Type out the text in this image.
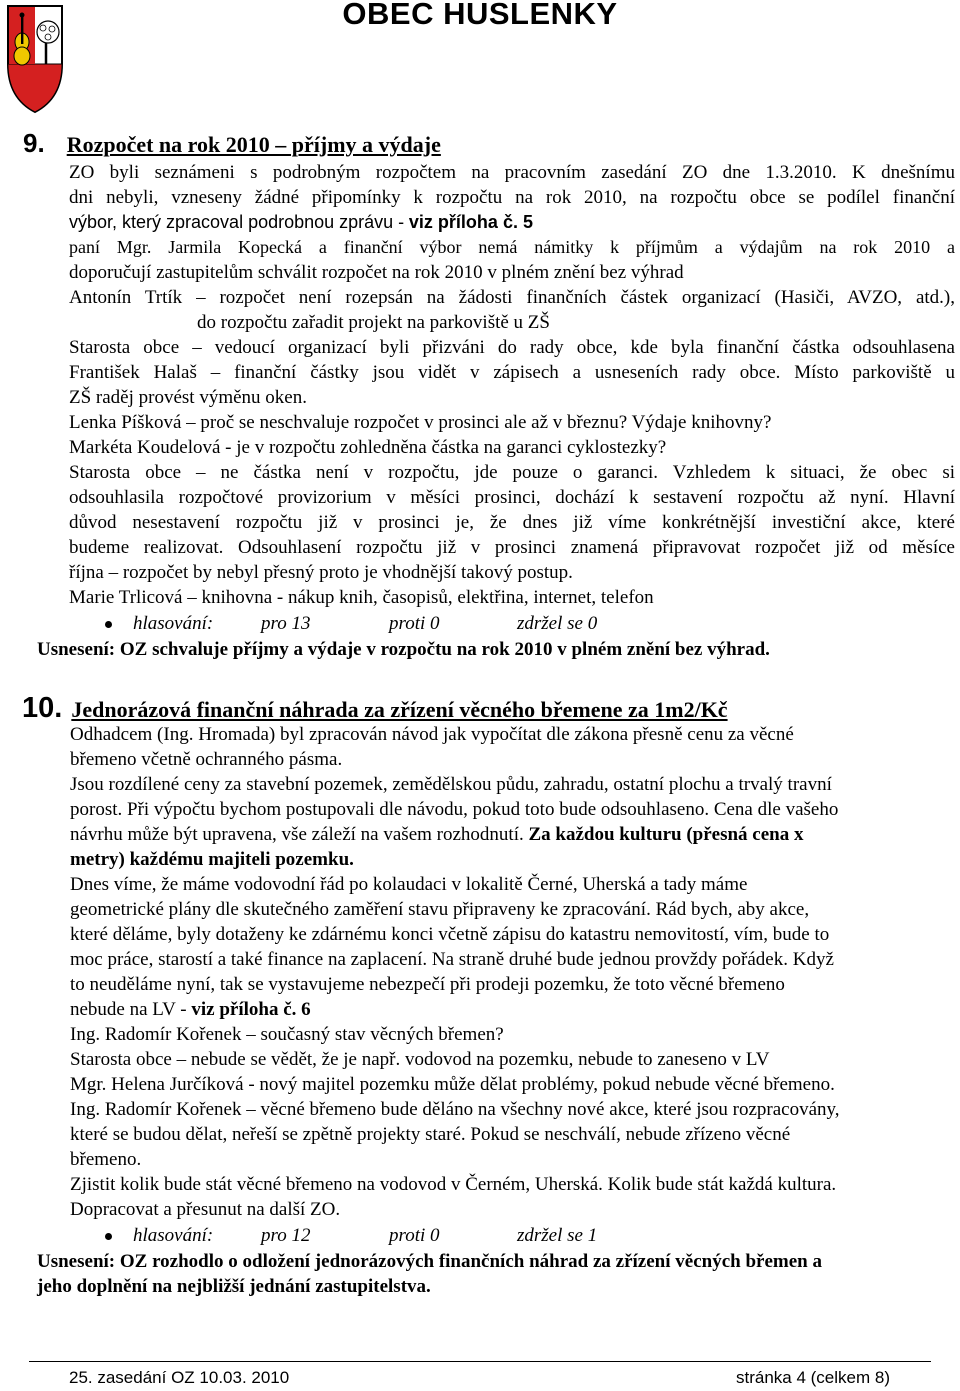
OBEC HUSLENKY
9. Rozpočet na rok 2010 – příjmy a výdaje
ZO byli seznámeni s podrobným rozpočtem na pracovním zasedání ZO dne 1.3.2010. K dnešnímu
dni nebyli, vzneseny žádné připomínky k rozpočtu na rok 2010, na rozpočtu obce se podílel finanční
výbor, který zpracoval podrobnou zprávu - viz příloha č. 5
paní Mgr. Jarmila Kopecká a finanční výbor nemá námitky k příjmům a výdajům na rok 2010 a
doporučují zastupitelům schválit rozpočet na rok 2010 v plném znění bez výhrad
Antonín Trtík – rozpočet není rozepsán na žádosti finančních částek organizací (Hasiči, AVZO, atd.),
do rozpočtu zařadit projekt na parkoviště u ZŠ
Starosta obce – vedoucí organizací byli přizváni do rady obce, kde byla finanční částka odsouhlasena
František Halaš – finanční částky jsou vidět v zápisech a usneseních rady obce. Místo parkoviště u
ZŠ raděj provést výměnu oken.
Lenka Píšková – proč se neschvaluje rozpočet v prosinci ale až v březnu? Výdaje knihovny?
Markéta Koudelová - je v rozpočtu zohledněna částka na garanci cyklostezky?
Starosta obce – ne částka není v rozpočtu, jde pouze o garanci. Vzhledem k situaci, že obec si
odsouhlasila rozpočtové provizorium v měsíci prosinci, dochází k sestavení rozpočtu až nyní. Hlavní
důvod nesestavení rozpočtu již v prosinci je, že dnes již víme konkrétnější investiční akce, které
budeme realizovat. Odsouhlasení rozpočtu již v prosinci znamená připravovat rozpočet již od měsíce
října – rozpočet by nebyl přesný proto je vhodnější takový postup.
Marie Trlicová – knihovna - nákup knih, časopisů, elektřina, internet, telefon
hlasování:	pro 13	proti 0	zdržel se 0
Usnesení: OZ schvaluje příjmy a výdaje v rozpočtu na rok 2010 v plném znění bez výhrad.
10. Jednorázová finanční náhrada za zřízení věcného břemene za 1m2/Kč
Odhadcem (Ing. Hromada) byl zpracován návod jak vypočítat dle zákona přesně cenu za věcné
břemeno včetně ochranného pásma.
Jsou rozdílené ceny za stavební pozemek, zemědělskou půdu, zahradu, ostatní plochu a trvalý travní
porost. Při výpočtu bychom postupovali dle návodu, pokud toto bude odsouhlaseno. Cena dle vašeho
návrhu může být upravena, vše záleží na vašem rozhodnutí. Za každou kulturu (přesná cena x
metry) každému majiteli pozemku.
Dnes víme, že máme vodovodní řád po kolaudaci v lokalitě Černé, Uherská a tady máme
geometrické plány dle skutečného zaměření stavu připraveny ke zpracování. Rád bych, aby akce,
které děláme, byly dotaženy ke zdárnému konci včetně zápisu do katastru nemovitostí, vím, bude to
moc práce, starostí a také finance na zaplacení. Na straně druhé bude jednou provždy pořádek. Když
to neuděláme nyní, tak se vystavujeme nebezpečí při prodeji pozemku, že toto věcné břemeno
nebude na LV - viz příloha č. 6
Ing. Radomír Kořenek – současný stav věcných břemen?
Starosta obce – nebude se vědět, že je např. vodovod na pozemku, nebude to zaneseno v LV
Mgr. Helena Jurčíková - nový majitel pozemku může dělat problémy, pokud nebude věcné břemeno.
Ing. Radomír Kořenek – věcné břemeno bude děláno na všechny nové akce, které jsou rozpracovány,
které se budou dělat, neřeší se zpětně projekty staré. Pokud se neschválí, nebude zřízeno věcné
břemeno.
Zjistit kolik bude stát věcné břemeno na vodovod v Černém, Uherská. Kolik bude stát každá kultura.
Dopracovat a přesunut na další ZO.
hlasování:	pro 12	proti 0	zdržel se 1
Usnesení: OZ rozhodlo o odložení jednorázových finančních náhrad za zřízení věcných břemen a
jeho doplnění na nejbližší jednání zastupitelstva.
25. zasedání OZ 10.03. 2010	stránka 4 (celkem 8)
